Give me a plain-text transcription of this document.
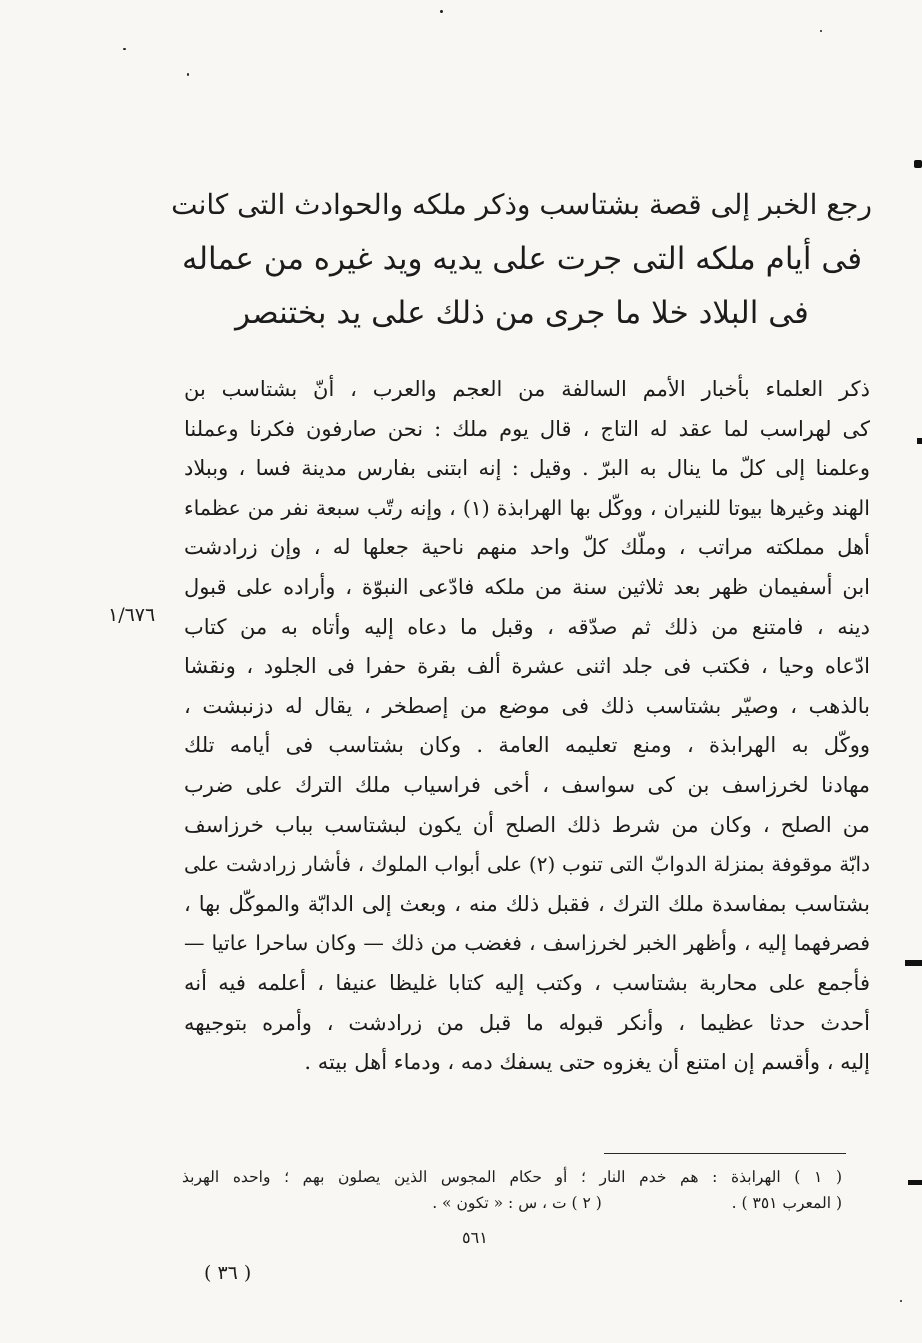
رجع الخبر إلى قصة بشتاسب وذكر ملكه والحوادث التى كانت
فى أيام ملكه التى جرت على يديه ويد غيره من عماله
فى البلاد خلا ما جرى من ذلك على يد بختنصر
١/٦٧٦
ذكر العلماء بأخبار الأمم السالفة من العجم والعرب ، أنّ بشتاسب بن
كى لهراسب لما عقد له التاج ، قال يوم ملك : نحن صارفون فكرنا وعملنا
وعلمنا إلى كلّ ما ينال به البرّ . وقيل : إنه ابتنى بفارس مدينة فسا ، وببلاد
الهند وغيرها بيوتا للنيران ، ووكّل بها الهرابذة (١) ، وإنه رتّب سبعة نفر من عظماء
أهل مملكته مراتب ، وملّك كلّ واحد منهم ناحية جعلها له ، وإن زرادشت
ابن أسفيمان ظهر بعد ثلاثين سنة من ملكه فادّعى النبوّة ، وأراده على قبول
دينه ، فامتنع من ذلك ثم صدّقه ، وقبل ما دعاه إليه وأتاه به من كتاب
ادّعاه وحيا ، فكتب فى جلد اثنى عشرة ألف بقرة حفرا فى الجلود ، ونقشا
بالذهب ، وصيّر بشتاسب ذلك فى موضع من إصطخر ، يقال له دزنبشت ،
ووكّل به الهرابذة ، ومنع تعليمه العامة . وكان بشتاسب فى أيامه تلك
مهادنا لخرزاسف بن كى سواسف ، أخى فراسياب ملك الترك على ضرب
من الصلح ، وكان من شرط ذلك الصلح أن يكون لبشتاسب بباب خرزاسف
دابّة موقوفة بمنزلة الدوابّ التى تنوب (٢) على أبواب الملوك ، فأشار زرادشت على
بشتاسب بمفاسدة ملك الترك ، فقبل ذلك منه ، وبعث إلى الدابّة والموكّل بها ،
فصرفهما إليه ، وأظهر الخبر لخرزاسف ، فغضب من ذلك — وكان ساحرا عاتيا —
فأجمع على محاربة بشتاسب ، وكتب إليه كتابا غليظا عنيفا ، أعلمه فيه أنه
أحدث حدثا عظيما ، وأنكر قبوله ما قبل من زرادشت ، وأمره بتوجيهه
إليه ، وأقسم إن امتنع أن يغزوه حتى يسفك دمه ، ودماء أهل بيته .
( ١ ) الهرابذة : هم خدم النار ؛ أو حكام المجوس الذين يصلون بهم ؛ واحده الهربذ
( المعرب ٣٥١ ) .  ( ٢ ) ت ، س : « تكون » .
٥٦١
( ٣٦ )
